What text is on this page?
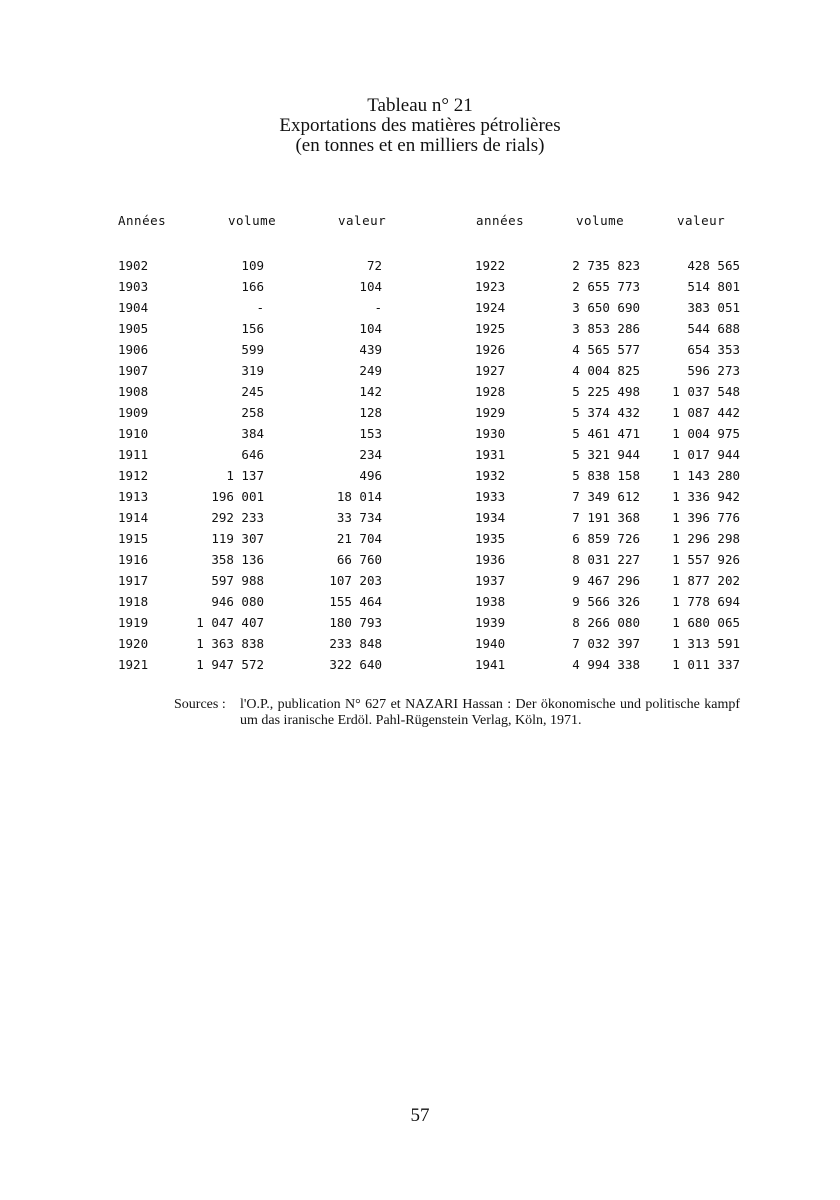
Tableau n° 21
Exportations des matières pétrolières
(en tonnes et en milliers de rials)
Années	volume	valeur	années	volume	valeur
1902	109	72
1903	166	104
1904	-	-
1905	156	104
1906	599	439
1907	319	249
1908	245	142
1909	258	128
1910	384	153
1911	646	234
1912	1 137	496
1913	196 001	18 014
1914	292 233	33 734
1915	119 307	21 704
1916	358 136	66 760
1917	597 988	107 203
1918	946 080	155 464
1919	1 047 407	180 793
1920	1 363 838	233 848
1921	1 947 572	322 640
1922	2 735 823	428 565
1923	2 655 773	514 801
1924	3 650 690	383 051
1925	3 853 286	544 688
1926	4 565 577	654 353
1927	4 004 825	596 273
1928	5 225 498	1 037 548
1929	5 374 432	1 087 442
1930	5 461 471	1 004 975
1931	5 321 944	1 017 944
1932	5 838 158	1 143 280
1933	7 349 612	1 336 942
1934	7 191 368	1 396 776
1935	6 859 726	1 296 298
1936	8 031 227	1 557 926
1937	9 467 296	1 877 202
1938	9 566 326	1 778 694
1939	8 266 080	1 680 065
1940	7 032 397	1 313 591
1941	4 994 338	1 011 337
Sources : l'O.P., publication N° 627 et NAZARI Hassan : Der ökonomische und politische kampf um das iranische Erdöl. Pahl-Rügenstein Verlag, Köln, 1971.
57
